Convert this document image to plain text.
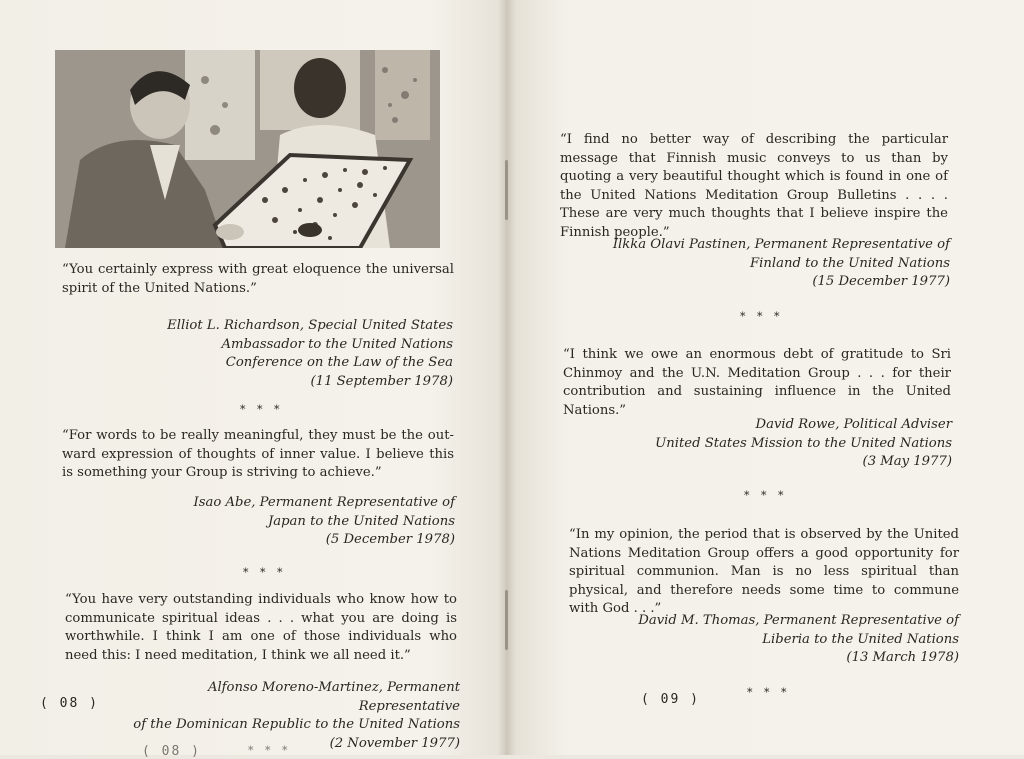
“You certainly express with great eloquence the universal spirit of the United Nations.”

Elliot L. Richardson, Special United States
Ambassador to the United Nations
Conference on the Law of the Sea
(11 September 1978)
* * *

“For words to be really meaningful, they must be the out-ward expression of thoughts of inner value. I believe this is something your Group is striving to achieve.”

Isao Abe, Permanent Representative of
Japan to the United Nations
(5 December 1978)
* * *

“You have very outstanding individuals who know how to communicate spiritual ideas . . . what you are doing is worthwhile. I think I am one of those individuals who need this: I need meditation, I think we all need it.”

Alfonso Moreno-Martinez, Permanent Representative
of the Dominican Republic to the United Nations
(2 November 1977)
( 08 )
( 08 )	* * *

“I find no better way of describing the particular message that Finnish music conveys to us than by quoting a very beautiful thought which is found in one of the United Nations Meditation Group Bulletins . . . . These are very much thoughts that I believe inspire the Finnish people.”

Ilkka Olavi Pastinen, Permanent Representative of
Finland to the United Nations
(15 December 1977)
* * *

“I think we owe an enormous debt of gratitude to Sri Chinmoy and the U.N. Meditation Group . . . for their contribution and sustaining influence in the United Nations.”

David Rowe, Political Adviser
United States Mission to the United Nations
(3 May 1977)
* * *

“In my opinion, the period that is observed by the United Nations Meditation Group offers a good opportunity for spiritual communion. Man is no less spiritual than physical, and therefore needs some time to commune with God . . .”

David M. Thomas, Permanent Representative of
Liberia to the United Nations
(13 March 1978)
( 09 )	* * *
